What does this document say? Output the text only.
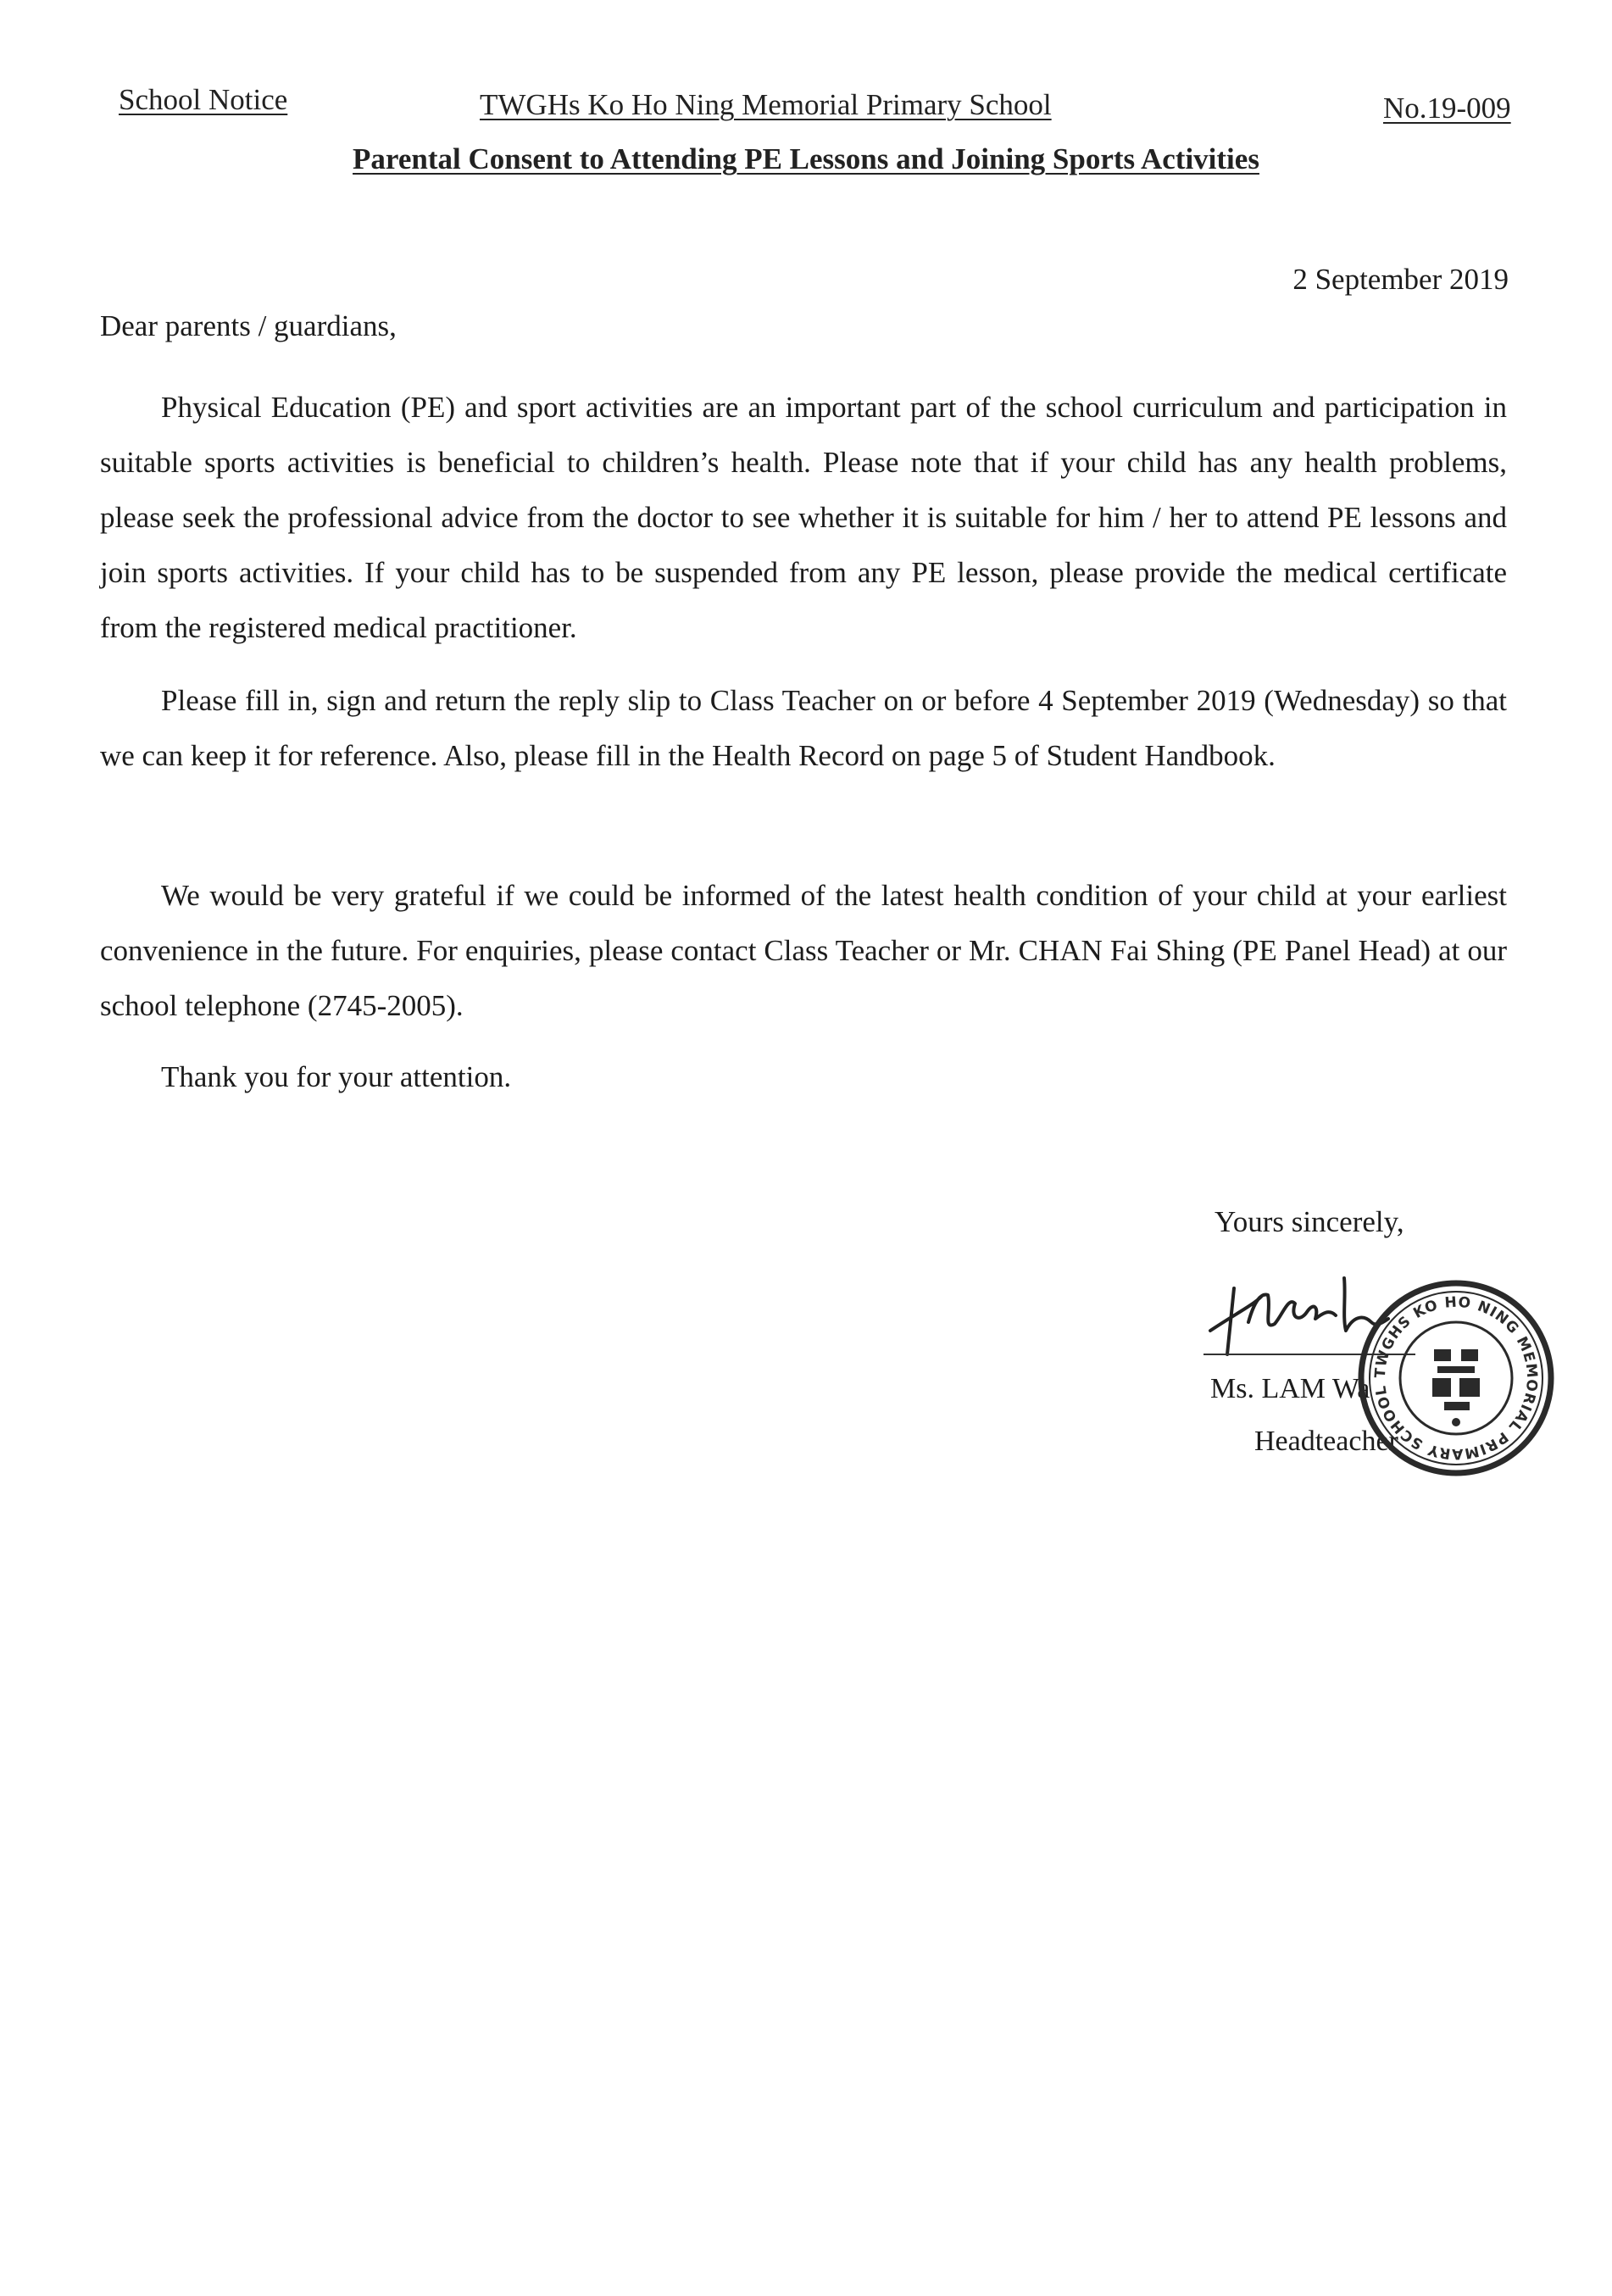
School Notice	TWGHs Ko Ho Ning Memorial Primary School	No.19-009
Parental Consent to Attending PE Lessons and Joining Sports Activities
2 September 2019
Dear parents / guardians,

Physical Education (PE) and sport activities are an important part of the school curriculum and participation in suitable sports activities is beneficial to children’s health. Please note that if your child has any health problems, please seek the professional advice from the doctor to see whether it is suitable for him / her to attend PE lessons and join sports activities. If your child has to be suspended from any PE lesson, please provide the medical certificate from the registered medical practitioner.

Please fill in, sign and return the reply slip to Class Teacher on or before 4 September 2019 (Wednesday) so that we can keep it for reference. Also, please fill in the Health Record on page 5 of Student Handbook.

We would be very grateful if we could be informed of the latest health condition of your child at your earliest convenience in the future. For enquiries, please contact Class Teacher or Mr. CHAN Fai Shing (PE Panel Head) at our school telephone (2745-2005).

Thank you for your attention.

Yours sincerely,
Ms. LAM Wa
Headteacher
TWGHS KO HO NING MEMORIAL PRIMARY SCHOOL
